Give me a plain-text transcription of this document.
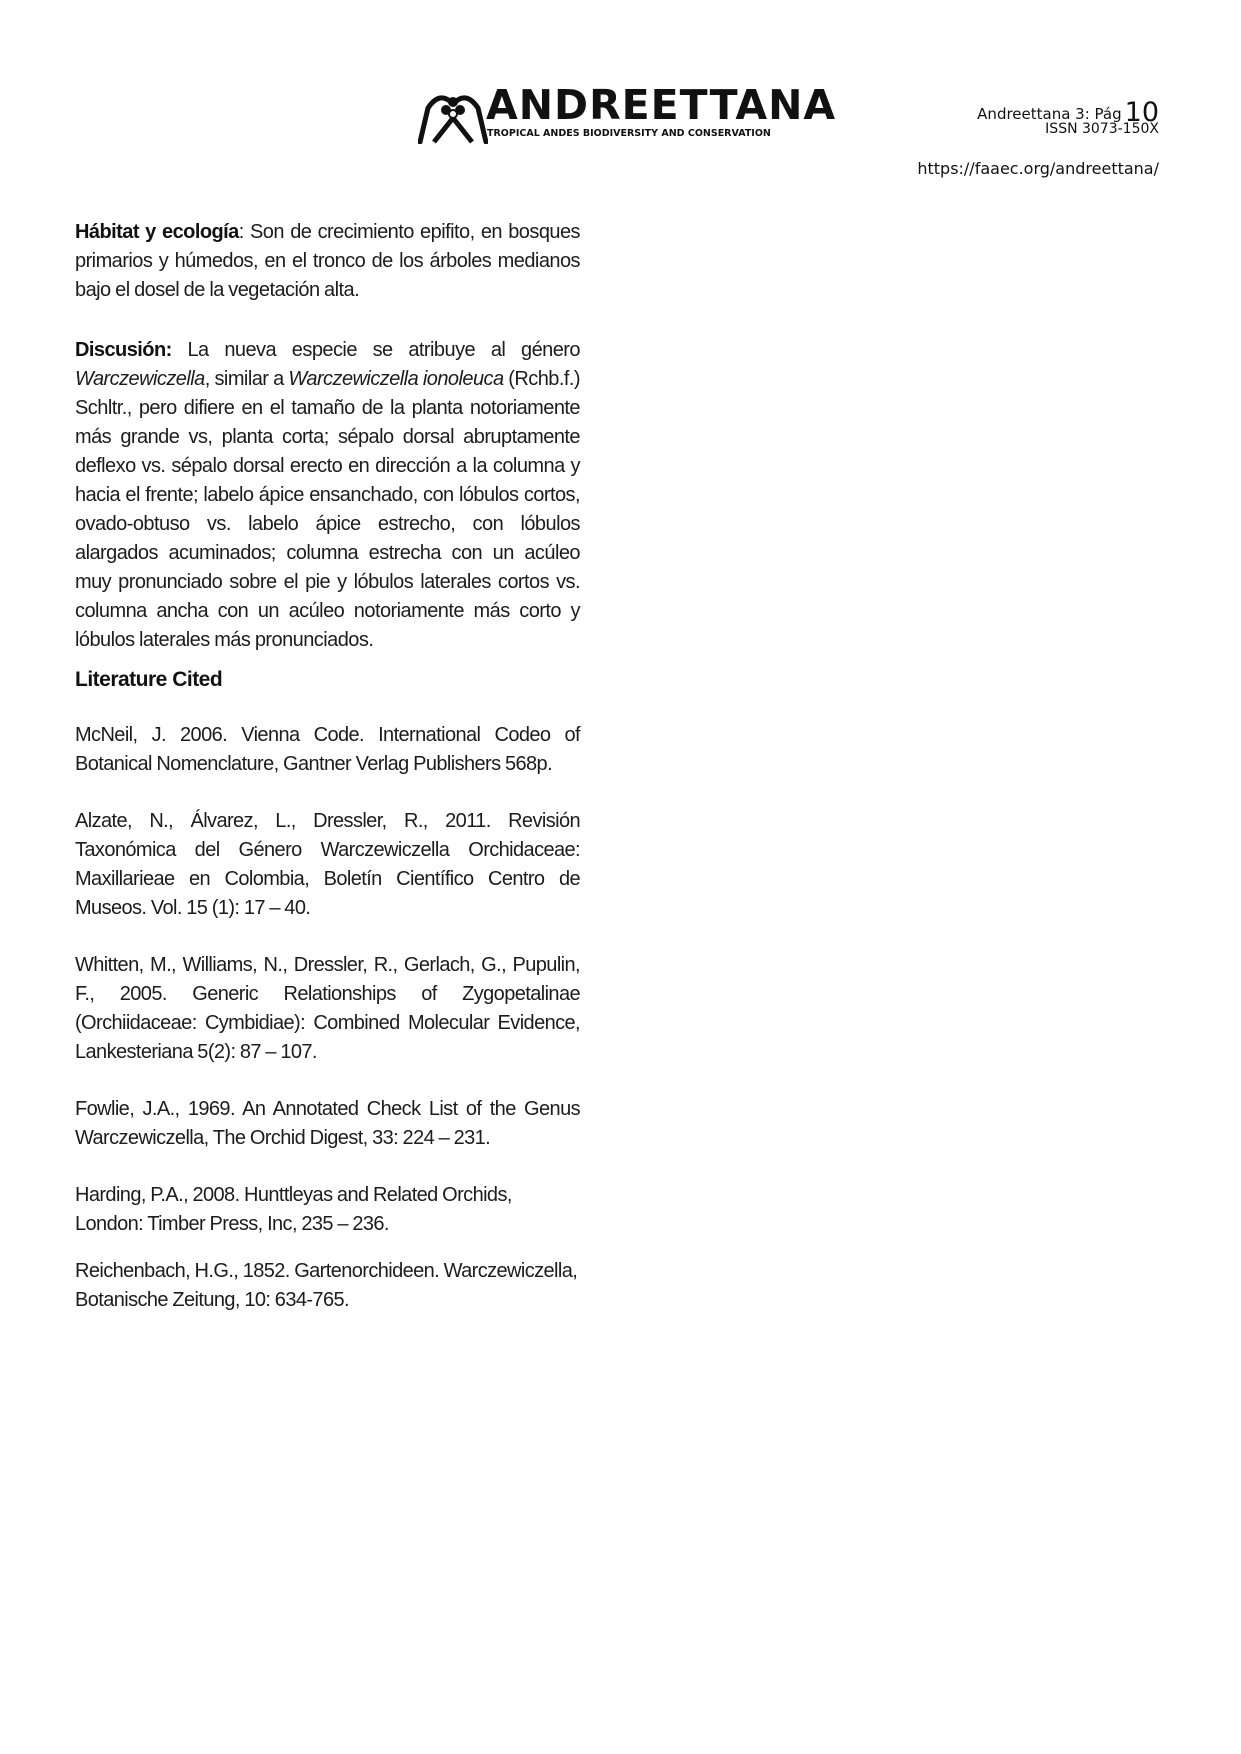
ANDREETTANA
TROPICAL ANDES BIODIVERSITY AND CONSERVATION
Andreettana 3: Pág 10
ISSN 3073-150X
https://faaec.org/andreettana/

Hábitat y ecología: Son de crecimiento epifito, en bosques primarios y húmedos, en el tronco de los árboles medianos bajo el dosel de la vegetación alta.

Discusión: La nueva especie se atribuye al género Warczewiczella, similar a Warczewiczella ionoleuca (Rchb.f.) Schltr., pero difiere en el tamaño de la planta notoriamente más grande vs, planta corta; sépalo dorsal abruptamente deflexo vs. sépalo dorsal erecto en dirección a la columna y hacia el frente; labelo ápice ensanchado, con lóbulos cortos, ovado-obtuso vs. labelo ápice estrecho, con lóbulos alargados acuminados; columna estrecha con un acúleo muy pronunciado sobre el pie y lóbulos laterales cortos vs. columna ancha con un acúleo notoriamente más corto y lóbulos laterales más pronunciados.

Literature Cited

McNeil, J. 2006. Vienna Code. International Codeo of Botanical Nomenclature, Gantner Verlag Publishers 568p.

Alzate, N., Álvarez, L., Dressler, R., 2011. Revisión Taxonómica del Género Warczewiczella Orchidaceae: Maxillarieae en Colombia, Boletín Científico Centro de Museos. Vol. 15 (1): 17 – 40.

Whitten, M., Williams, N., Dressler, R., Gerlach, G., Pupulin, F., 2005. Generic Relationships of Zygopetalinae (Orchiidaceae: Cymbidiae): Combined Molecular Evidence, Lankesteriana 5(2): 87 – 107.

Fowlie, J.A., 1969. An Annotated Check List of the Genus Warczewiczella, The Orchid Digest, 33: 224 – 231.

Harding, P.A., 2008. Hunttleyas and Related Orchids, London: Timber Press, Inc, 235 – 236.

Reichenbach, H.G., 1852. Gartenorchideen. Warczewiczella, Botanische Zeitung, 10: 634-765.
